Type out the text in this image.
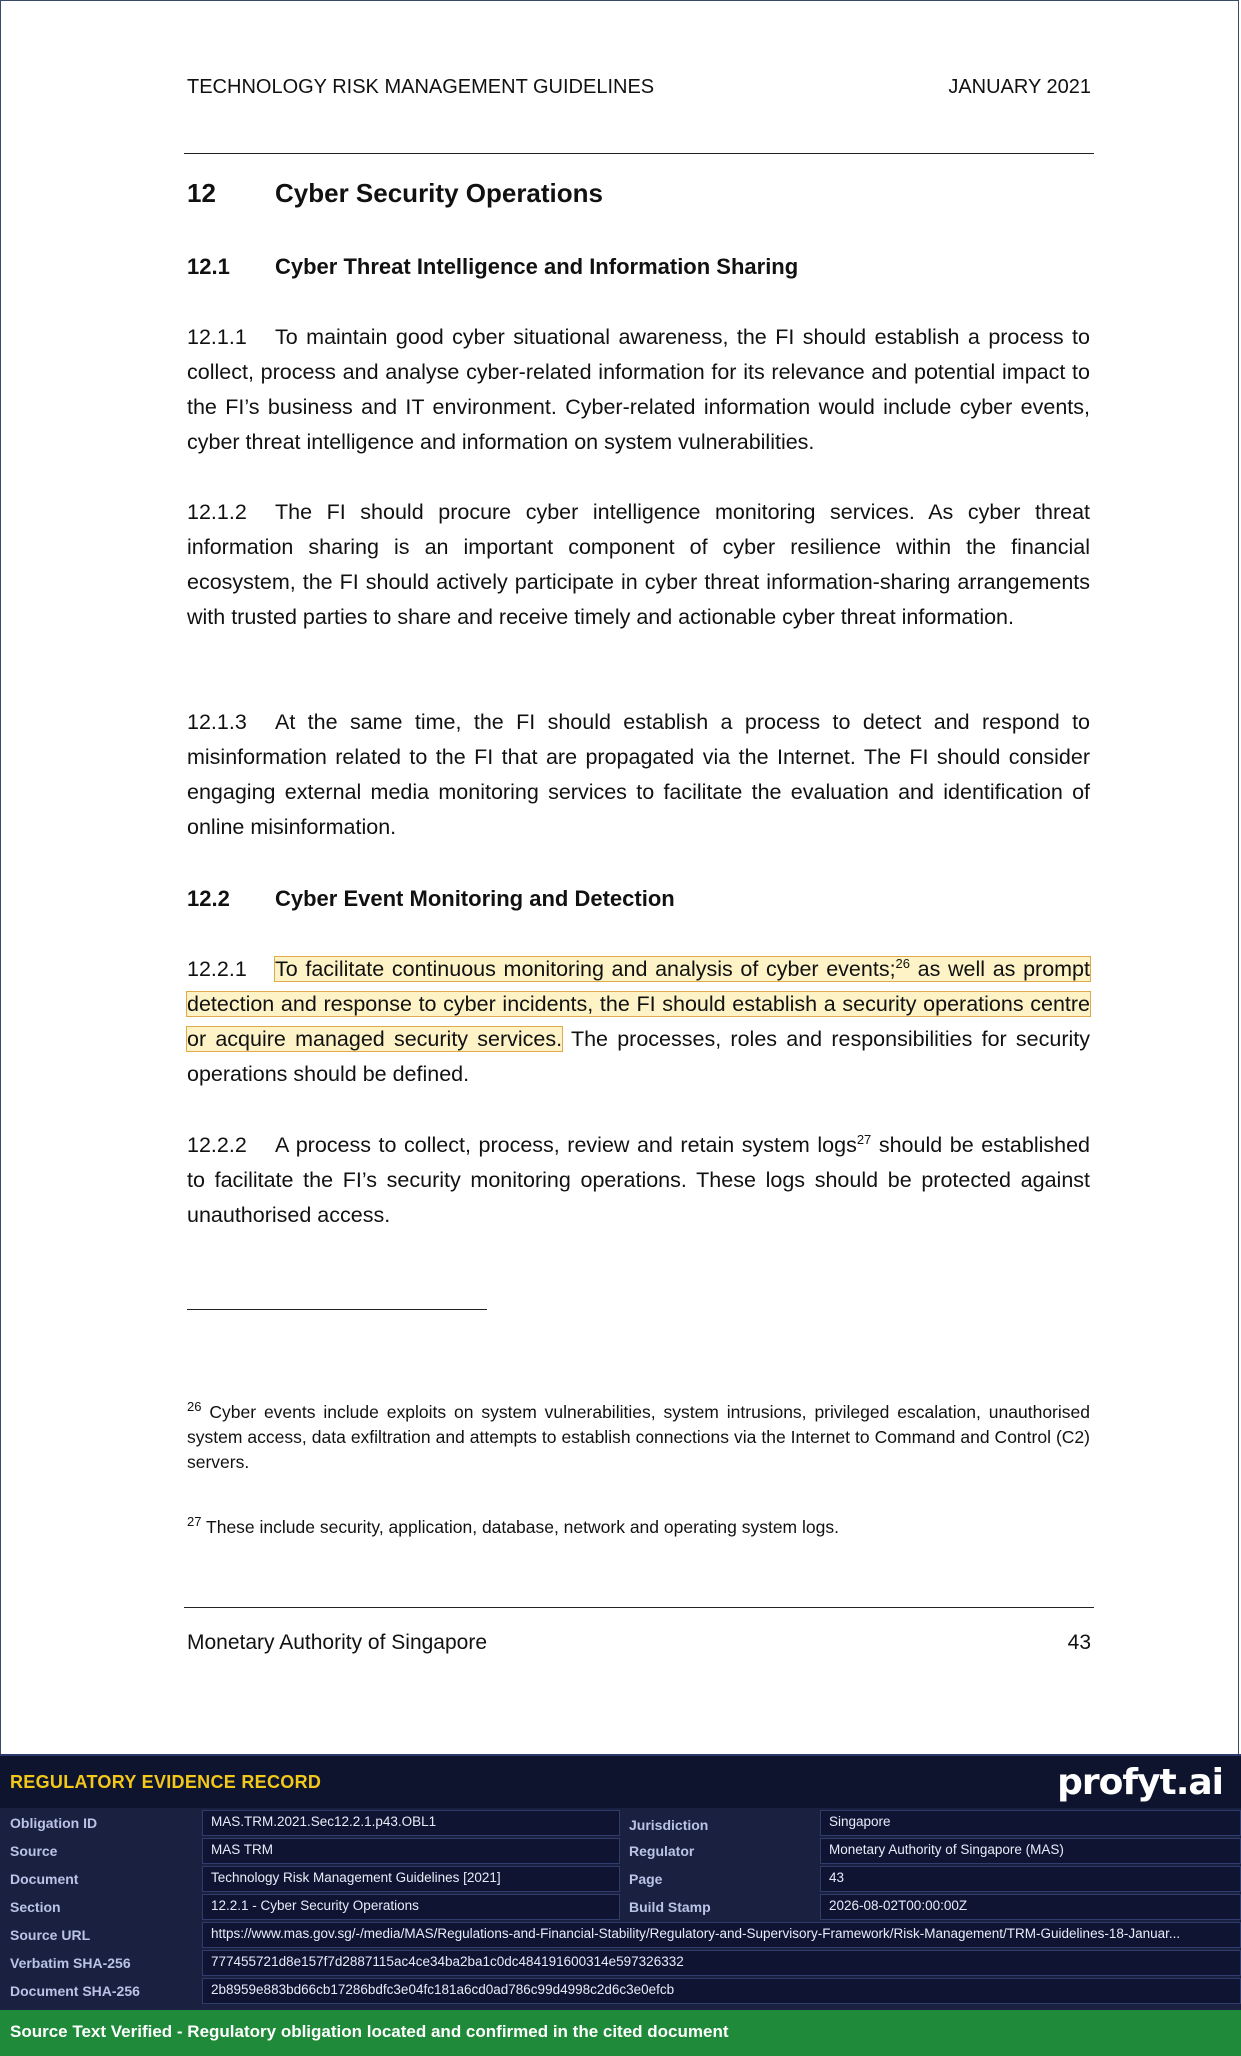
TECHNOLOGY RISK MANAGEMENT GUIDELINES	JANUARY 2021
12 Cyber Security Operations
12.1 Cyber Threat Intelligence and Information Sharing
12.1.1 To maintain good cyber situational awareness, the FI should establish a process to collect, process and analyse cyber-related information for its relevance and potential impact to the FI’s business and IT environment. Cyber-related information would include cyber events, cyber threat intelligence and information on system vulnerabilities.
12.1.2 The FI should procure cyber intelligence monitoring services. As cyber threat information sharing is an important component of cyber resilience within the financial ecosystem, the FI should actively participate in cyber threat information-sharing arrangements with trusted parties to share and receive timely and actionable cyber threat information.
12.1.3 At the same time, the FI should establish a process to detect and respond to misinformation related to the FI that are propagated via the Internet. The FI should consider engaging external media monitoring services to facilitate the evaluation and identification of online misinformation.
12.2 Cyber Event Monitoring and Detection
12.2.1 To facilitate continuous monitoring and analysis of cyber events;$^{26}$ as well as prompt detection and response to cyber incidents, the FI should establish a security operations centre or acquire managed security services. The processes, roles and responsibilities for security operations should be defined.
12.2.2 A process to collect, process, review and retain system logs$^{27}$ should be established to facilitate the FI’s security monitoring operations. These logs should be protected against unauthorised access.
$^{26}$ Cyber events include exploits on system vulnerabilities, system intrusions, privileged escalation, unauthorised system access, data exfiltration and attempts to establish connections via the Internet to Command and Control (C2) servers.
$^{27}$ These include security, application, database, network and operating system logs.
Monetary Authority of Singapore	43
REGULATORY EVIDENCE RECORD	profyt.ai
Obligation ID	MAS.TRM.2021.Sec12.2.1.p43.OBL1
Source	MAS TRM
Document	Technology Risk Management Guidelines [2021]
Section	12.2.1 - Cyber Security Operations
Jurisdiction	Singapore
Regulator	Monetary Authority of Singapore (MAS)
Page	43
Build Stamp	2026-08-02T00:00:00Z
Source URL	https://www.mas.gov.sg/-/media/MAS/Regulations-and-Financial-Stability/Regulatory-and-Supervisory-Framework/Risk-Management/TRM-Guidelines-18-Januar...
Verbatim SHA-256	777455721d8e157f7d2887115ac4ce34ba2ba1c0dc484191600314e597326332
Document SHA-256	2b8959e883bd66cb17286bdfc3e04fc181a6cd0ad786c99d4998c2d6c3e0efcb
Source Text Verified - Regulatory obligation located and confirmed in the cited document
